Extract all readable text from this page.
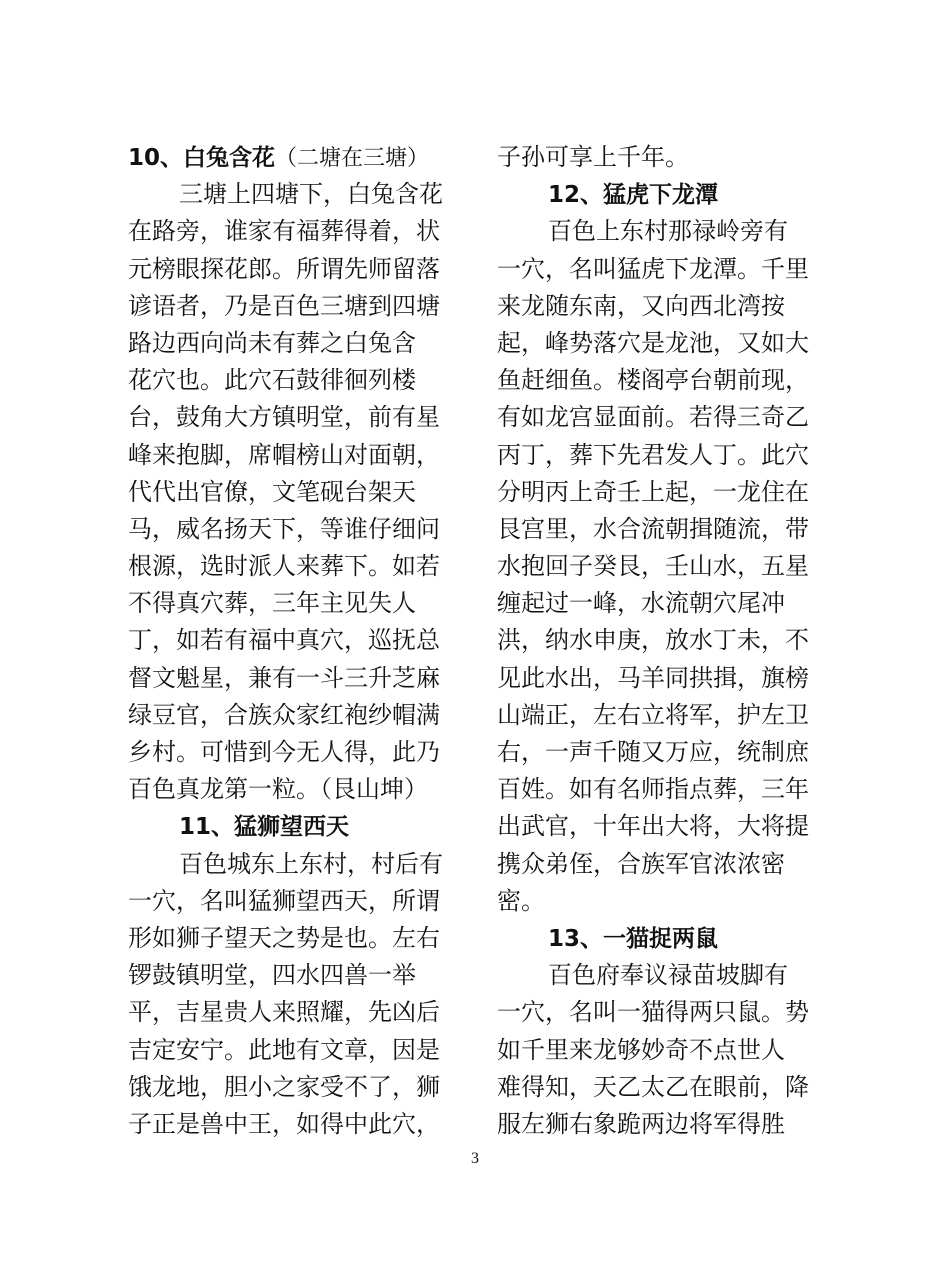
10、白兔含花（二塘在三塘）
三塘上四塘下，白兔含花
在路旁，谁家有福葬得着，状
元榜眼探花郎。所谓先师留落
谚语者，乃是百色三塘到四塘
路边西向尚未有葬之白兔含
花穴也。此穴石鼓徘徊列楼
台，鼓角大方镇明堂，前有星
峰来抱脚，席帽榜山对面朝，
代代出官僚，文笔砚台架天
马，威名扬天下，等谁仔细问
根源，选时派人来葬下。如若
不得真穴葬，三年主见失人
丁，如若有福中真穴，巡抚总
督文魁星，兼有一斗三升芝麻
绿豆官，合族众家红袍纱帽满
乡村。可惜到今无人得，此乃
百色真龙第一粒。（艮山坤）
11、猛狮望西天
百色城东上东村，村后有
一穴，名叫猛狮望西天，所谓
形如狮子望天之势是也。左右
锣鼓镇明堂，四水四兽一举
平，吉星贵人来照耀，先凶后
吉定安宁。此地有文章，因是
饿龙地，胆小之家受不了，狮
子正是兽中王，如得中此穴，
子孙可享上千年。
12、猛虎下龙潭
百色上东村那禄岭旁有
一穴，名叫猛虎下龙潭。千里
来龙随东南，又向西北湾按
起，峰势落穴是龙池，又如大
鱼赶细鱼。楼阁亭台朝前现，
有如龙宫显面前。若得三奇乙
丙丁，葬下先君发人丁。此穴
分明丙上奇壬上起，一龙住在
艮宫里，水合流朝揖随流，带
水抱回子癸艮，壬山水，五星
缠起过一峰，水流朝穴尾冲
洪，纳水申庚，放水丁未，不
见此水出，马羊同拱揖，旗榜
山端正，左右立将军，护左卫
右，一声千随又万应，统制庶
百姓。如有名师指点葬，三年
出武官，十年出大将，大将提
携众弟侄，合族军官浓浓密
密。
13、一猫捉两鼠
百色府奉议禄苗坡脚有
一穴，名叫一猫得两只鼠。势
如千里来龙够妙奇不点世人
难得知，天乙太乙在眼前，降
服左狮右象跪两边将军得胜
3
